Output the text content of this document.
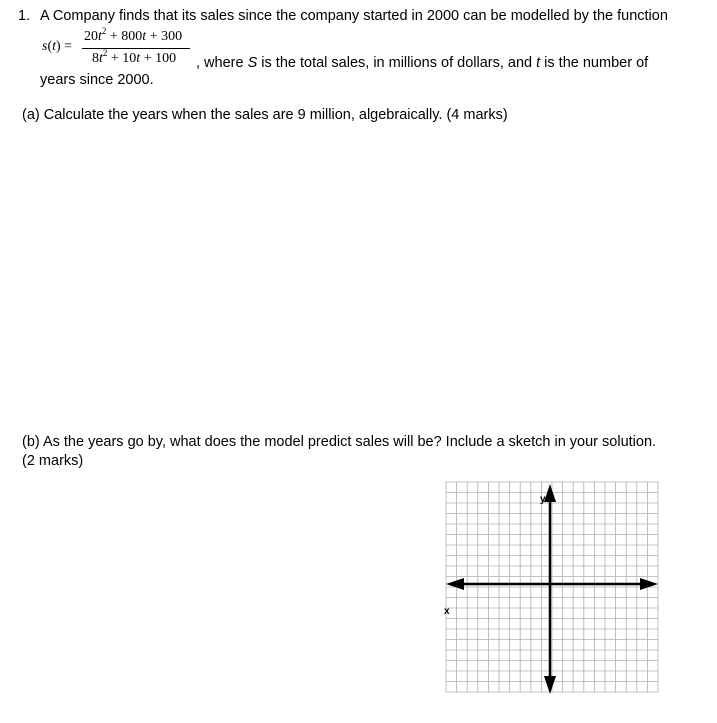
1. A Company finds that its sales since the company started in 2000 can be modelled by the function
s(t) =
$20t^2 + 800t + 300$
$8t^2 + 10t + 100$ , where S is the total sales, in millions of dollars, and t is the number of
years since 2000.
(a) Calculate the years when the sales are 9 million, algebraically. (4 marks)
(b) As the years go by, what does the model predict sales will be? Include a sketch in your solution.
(2 marks)
x
y
